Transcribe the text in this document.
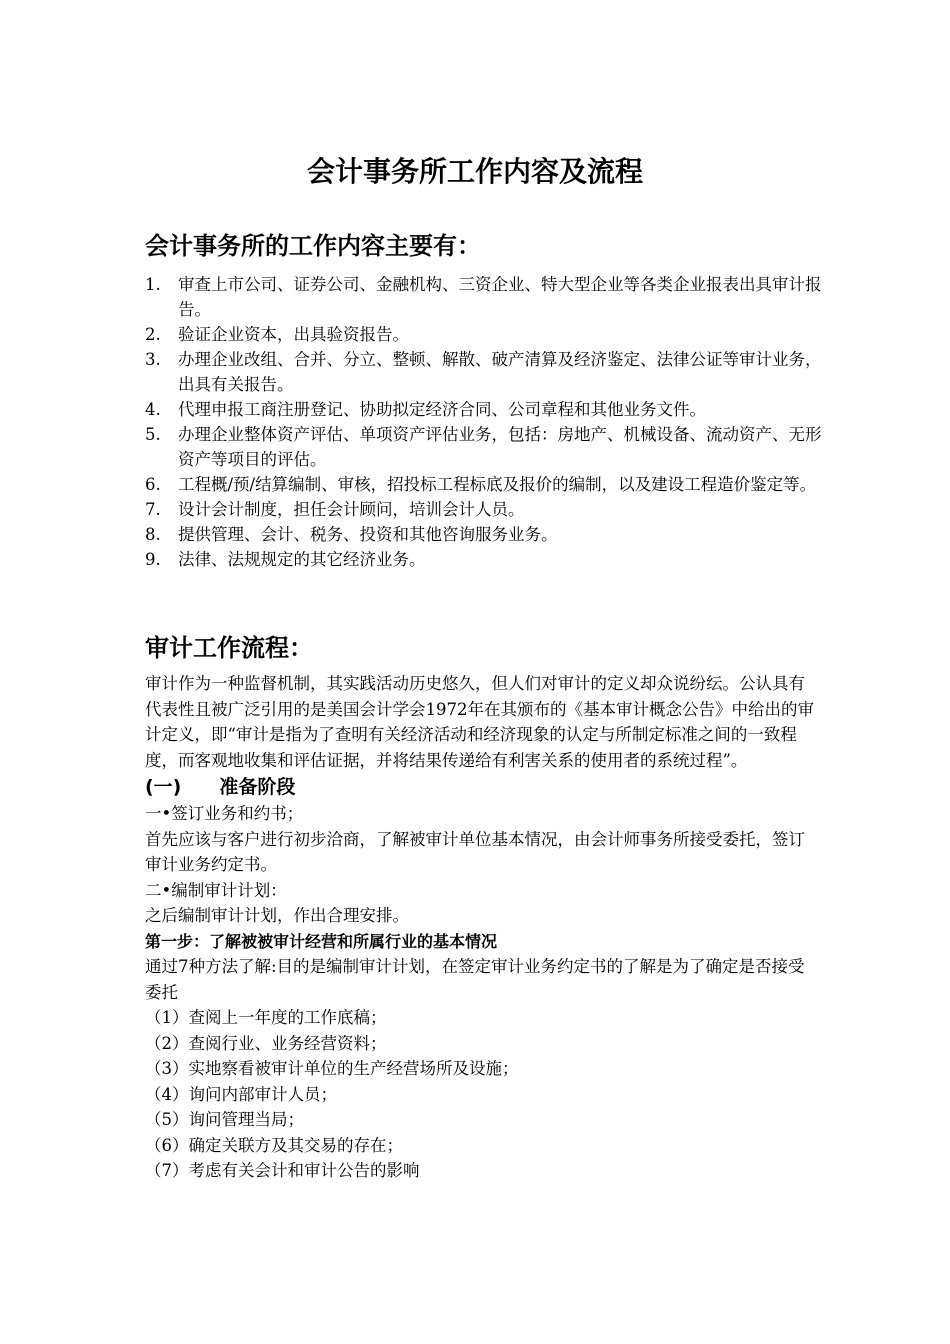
会计事务所工作内容及流程
会计事务所的工作内容主要有：
1. 审查上市公司、证券公司、金融机构、三资企业、特大型企业等各类企业报表出具审计报告。
2. 验证企业资本，出具验资报告。
3. 办理企业改组、合并、分立、整顿、解散、破产清算及经济鉴定、法律公证等审计业务，出具有关报告。
4. 代理申报工商注册登记、协助拟定经济合同、公司章程和其他业务文件。
5. 办理企业整体资产评估、单项资产评估业务，包括：房地产、机械设备、流动资产、无形资产等项目的评估。
6. 工程概/预/结算编制、审核，招投标工程标底及报价的编制，以及建设工程造价鉴定等。
7. 设计会计制度，担任会计顾问，培训会计人员。
8. 提供管理、会计、税务、投资和其他咨询服务业务。
9. 法律、法规规定的其它经济业务。
审计工作流程：

审计作为一种监督机制，其实践活动历史悠久，但人们对审计的定义却众说纷纭。公认具有代表性且被广泛引用的是美国会计学会1972年在其颁布的《基本审计概念公告》中给出的审计定义，即“审计是指为了查明有关经济活动和经济现象的认定与所制定标准之间的一致程度，而客观地收集和评估证据，并将结果传递给有利害关系的使用者的系统过程”。

(一) 准备阶段

一•签订业务和约书；

首先应该与客户进行初步洽商，了解被审计单位基本情况，由会计师事务所接受委托，签订审计业务约定书。

二•编制审计计划：

之后编制审计计划，作出合理安排。

第一步：了解被被审计经营和所属行业的基本情况

通过7种方法了解:目的是编制审计计划，在签定审计业务约定书的了解是为了确定是否接受委托

（1）查阅上一年度的工作底稿；
（2）查阅行业、业务经营资料；
（3）实地察看被审计单位的生产经营场所及设施；
（4）询问内部审计人员；
（5）询问管理当局；
（6）确定关联方及其交易的存在；
（7）考虑有关会计和审计公告的影响
